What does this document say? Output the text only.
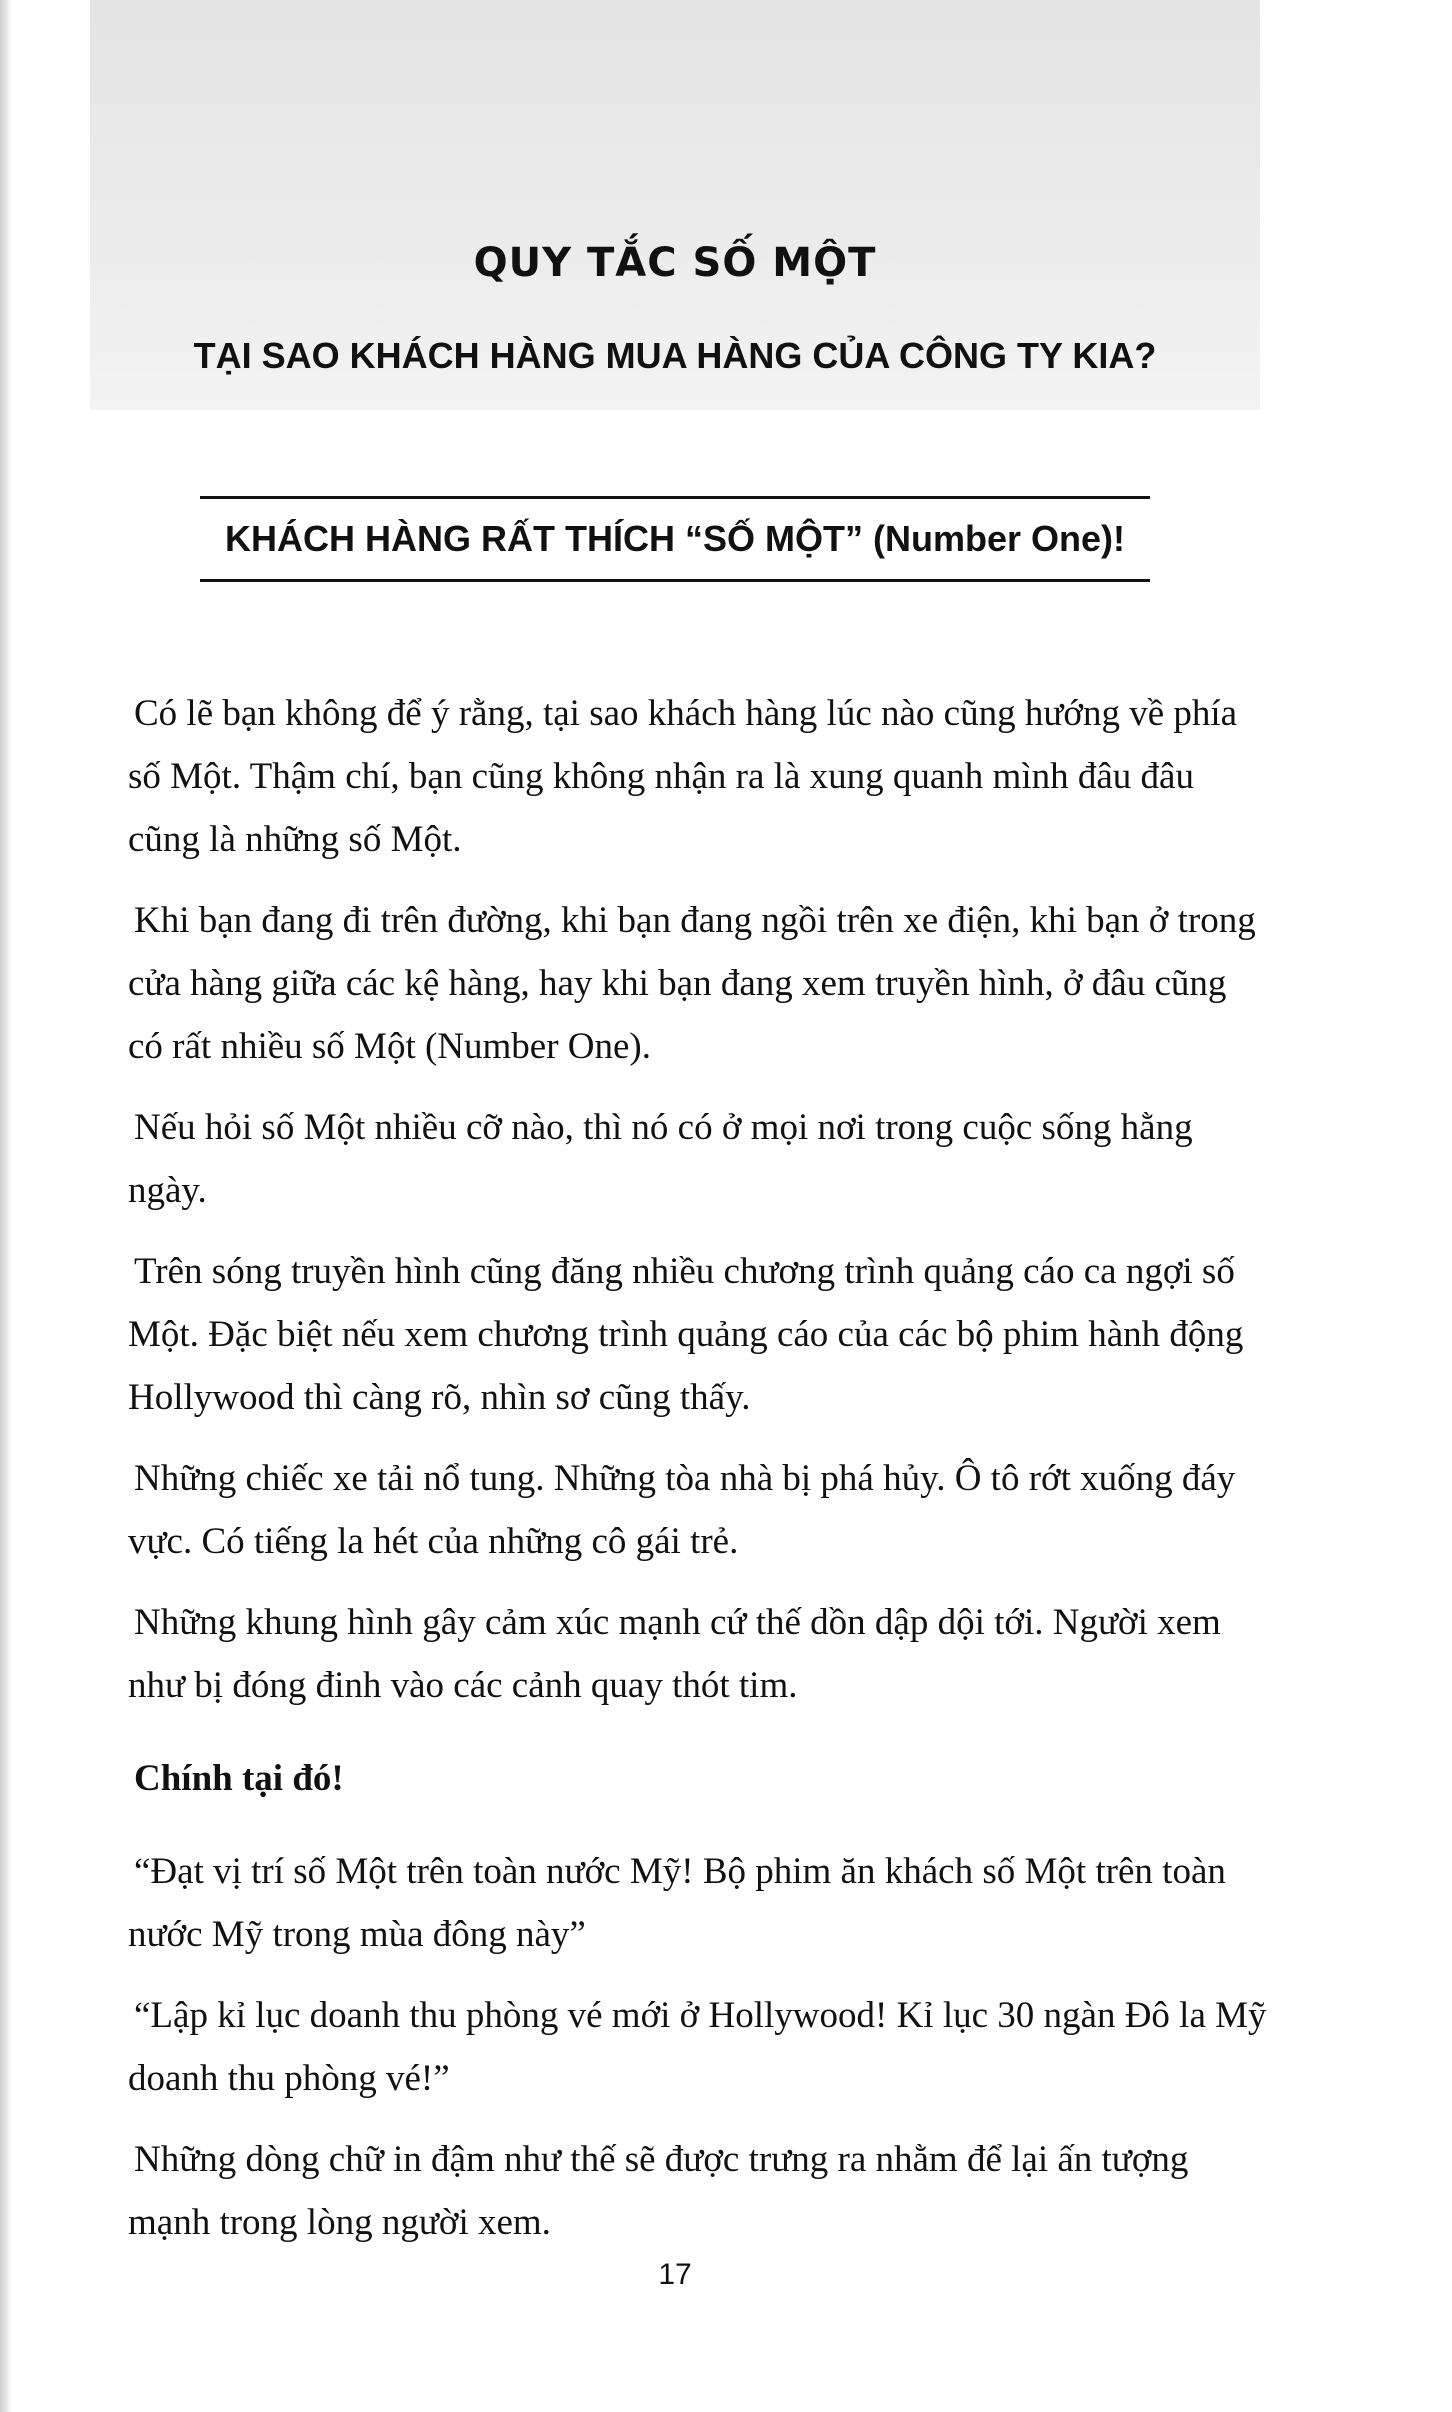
QUY TẮC SỐ MỘT
TẠI SAO KHÁCH HÀNG MUA HÀNG CỦA CÔNG TY KIA?
KHÁCH HÀNG RẤT THÍCH “SỐ MỘT” (Number One)!

Có lẽ bạn không để ý rằng, tại sao khách hàng lúc nào cũng hướng về phía số Một. Thậm chí, bạn cũng không nhận ra là xung quanh mình đâu đâu cũng là những số Một.

Khi bạn đang đi trên đường, khi bạn đang ngồi trên xe điện, khi bạn ở trong cửa hàng giữa các kệ hàng, hay khi bạn đang xem truyền hình, ở đâu cũng có rất nhiều số Một (Number One).

Nếu hỏi số Một nhiều cỡ nào, thì nó có ở mọi nơi trong cuộc sống hằng ngày.

Trên sóng truyền hình cũng đăng nhiều chương trình quảng cáo ca ngợi số Một. Đặc biệt nếu xem chương trình quảng cáo của các bộ phim hành động Hollywood thì càng rõ, nhìn sơ cũng thấy.

Những chiếc xe tải nổ tung. Những tòa nhà bị phá hủy. Ô tô rớt xuống đáy vực. Có tiếng la hét của những cô gái trẻ.

Những khung hình gây cảm xúc mạnh cứ thế dồn dập dội tới. Người xem như bị đóng đinh vào các cảnh quay thót tim.

Chính tại đó!

“Đạt vị trí số Một trên toàn nước Mỹ! Bộ phim ăn khách số Một trên toàn nước Mỹ trong mùa đông này”

“Lập kỉ lục doanh thu phòng vé mới ở Hollywood! Kỉ lục 30 ngàn Đô la Mỹ doanh thu phòng vé!”

Những dòng chữ in đậm như thế sẽ được trưng ra nhằm để lại ấn tượng mạnh trong lòng người xem.

17
